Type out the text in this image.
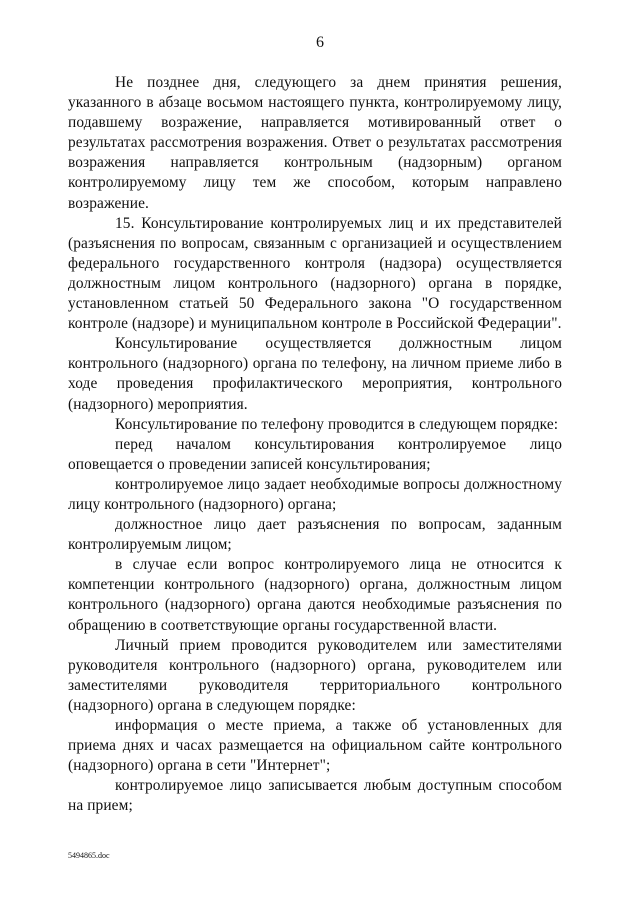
6

Не позднее дня, следующего за днем принятия решения, указанного в абзаце восьмом настоящего пункта, контролируемому лицу, подавшему возражение, направляется мотивированный ответ о результатах рассмотрения возражения. Ответ о результатах рассмотрения возражения направляется контрольным (надзорным) органом контролируемому лицу тем же способом, которым направлено возражение.

15. Консультирование контролируемых лиц и их представителей (разъяснения по вопросам, связанным с организацией и осуществлением федерального государственного контроля (надзора) осуществляется должностным лицом контрольного (надзорного) органа в порядке, установленном статьей 50 Федерального закона "О государственном контроле (надзоре) и муниципальном контроле в Российской Федерации".

Консультирование осуществляется должностным лицом контрольного (надзорного) органа по телефону, на личном приеме либо в ходе проведения профилактического мероприятия, контрольного (надзорного) мероприятия.

Консультирование по телефону проводится в следующем порядке:

перед началом консультирования контролируемое лицо оповещается о проведении записей консультирования;

контролируемое лицо задает необходимые вопросы должностному лицу контрольного (надзорного) органа;

должностное лицо дает разъяснения по вопросам, заданным контролируемым лицом;

в случае если вопрос контролируемого лица не относится к компетенции контрольного (надзорного) органа, должностным лицом контрольного (надзорного) органа даются необходимые разъяснения по обращению в соответствующие органы государственной власти.

Личный прием проводится руководителем или заместителями руководителя контрольного (надзорного) органа, руководителем или заместителями руководителя территориального контрольного (надзорного) органа в следующем порядке:

информация о месте приема, а также об установленных для приема днях и часах размещается на официальном сайте контрольного (надзорного) органа в сети "Интернет";

контролируемое лицо записывается любым доступным способом на прием;

5494865.doc
